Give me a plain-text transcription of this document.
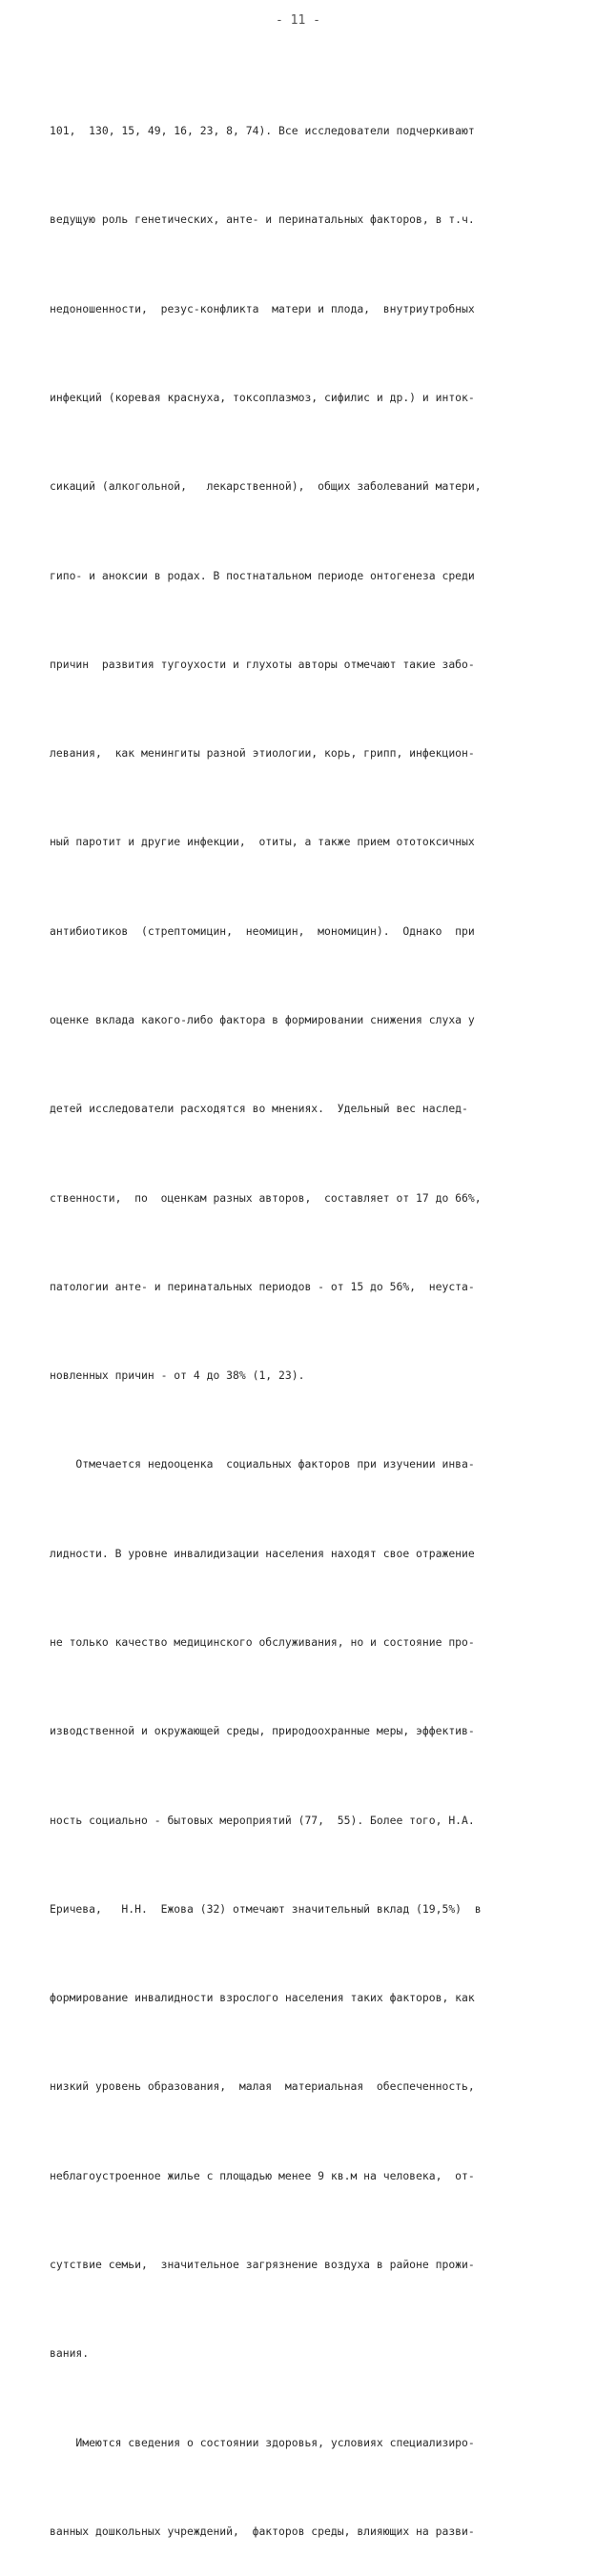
- 11 -

101,  130, 15, 49, 16, 23, 8, 74). Все исследователи подчеркивают

ведущую роль генетических, анте- и перинатальных факторов, в т.ч.

недоношенности,  резус-конфликта  матери и плода,  внутриутробных

инфекций (коревая краснуха, токсоплазмоз, сифилис и др.) и инток-

сикаций (алкогольной,   лекарственной),  общих заболеваний матери,

гипо- и аноксии в родах. В постнатальном периоде онтогенеза среди

причин  развития тугоухости и глухоты авторы отмечают такие забо-

левания,  как менингиты разной этиологии, корь, грипп, инфекцион-

ный паротит и другие инфекции,  отиты, а также прием ототоксичных

антибиотиков  (стрептомицин,  неомицин,  мономицин).  Однако  при

оценке вклада какого-либо фактора в формировании снижения слуха у

детей исследователи расходятся во мнениях.  Удельный вес наслед-

ственности,  по  оценкам разных авторов,  составляет от 17 до 66%,

патологии анте- и перинатальных периодов - от 15 до 56%,  неуста-

новленных причин - от 4 до 38% (1, 23).

Отмечается недооценка  социальных факторов при изучении инва-

лидности. В уровне инвалидизации населения находят свое отражение

не только качество медицинского обслуживания, но и состояние про-

изводственной и окружающей среды, природоохранные меры, эффектив-

ность социально - бытовых мероприятий (77,  55). Более того, Н.А.

Еричева,   Н.Н.  Ежова (32) отмечают значительный вклад (19,5%)  в

формирование инвалидности взрослого населения таких факторов, как

низкий уровень образования,  малая  материальная  обеспеченность,

неблагоустроенное жилье с площадью менее 9 кв.м на человека,  от-

сутствие семьи,  значительное загрязнение воздуха в районе прожи-

вания.

Имеются сведения о состоянии здоровья, условиях специализиро-

ванных дошкольных учреждений,  факторов среды, влияющих на разви-
